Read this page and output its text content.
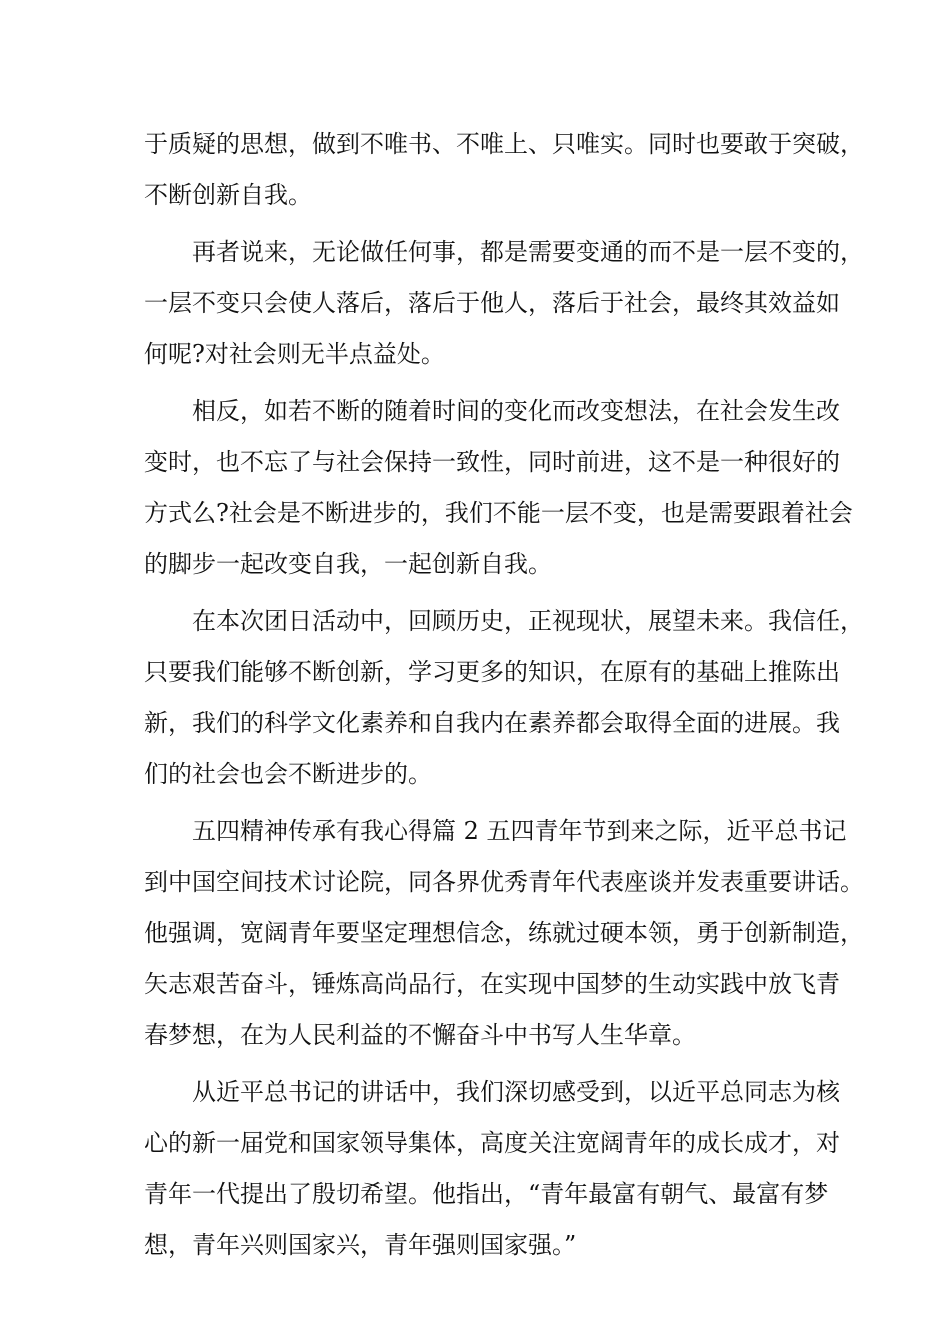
于质疑的思想，做到不唯书、不唯上、只唯实。同时也要敢于突破，
不断创新自我。
再者说来，无论做任何事，都是需要变通的而不是一层不变的，
一层不变只会使人落后，落后于他人，落后于社会，最终其效益如
何呢?对社会则无半点益处。
相反，如若不断的随着时间的变化而改变想法，在社会发生改
变时，也不忘了与社会保持一致性，同时前进，这不是一种很好的
方式么?社会是不断进步的，我们不能一层不变，也是需要跟着社会
的脚步一起改变自我，一起创新自我。
在本次团日活动中，回顾历史，正视现状，展望未来。我信任，
只要我们能够不断创新，学习更多的知识，在原有的基础上推陈出
新，我们的科学文化素养和自我内在素养都会取得全面的进展。我
们的社会也会不断进步的。
五四精神传承有我心得篇 2 五四青年节到来之际，近平总书记
到中国空间技术讨论院，同各界优秀青年代表座谈并发表重要讲话。
他强调，宽阔青年要坚定理想信念，练就过硬本领，勇于创新制造，
矢志艰苦奋斗，锤炼高尚品行，在实现中国梦的生动实践中放飞青
春梦想，在为人民利益的不懈奋斗中书写人生华章。
从近平总书记的讲话中，我们深切感受到，以近平总同志为核
心的新一届党和国家领导集体，高度关注宽阔青年的成长成才，对
青年一代提出了殷切希望。他指出，“青年最富有朝气、最富有梦
想，青年兴则国家兴，青年强则国家强。”
